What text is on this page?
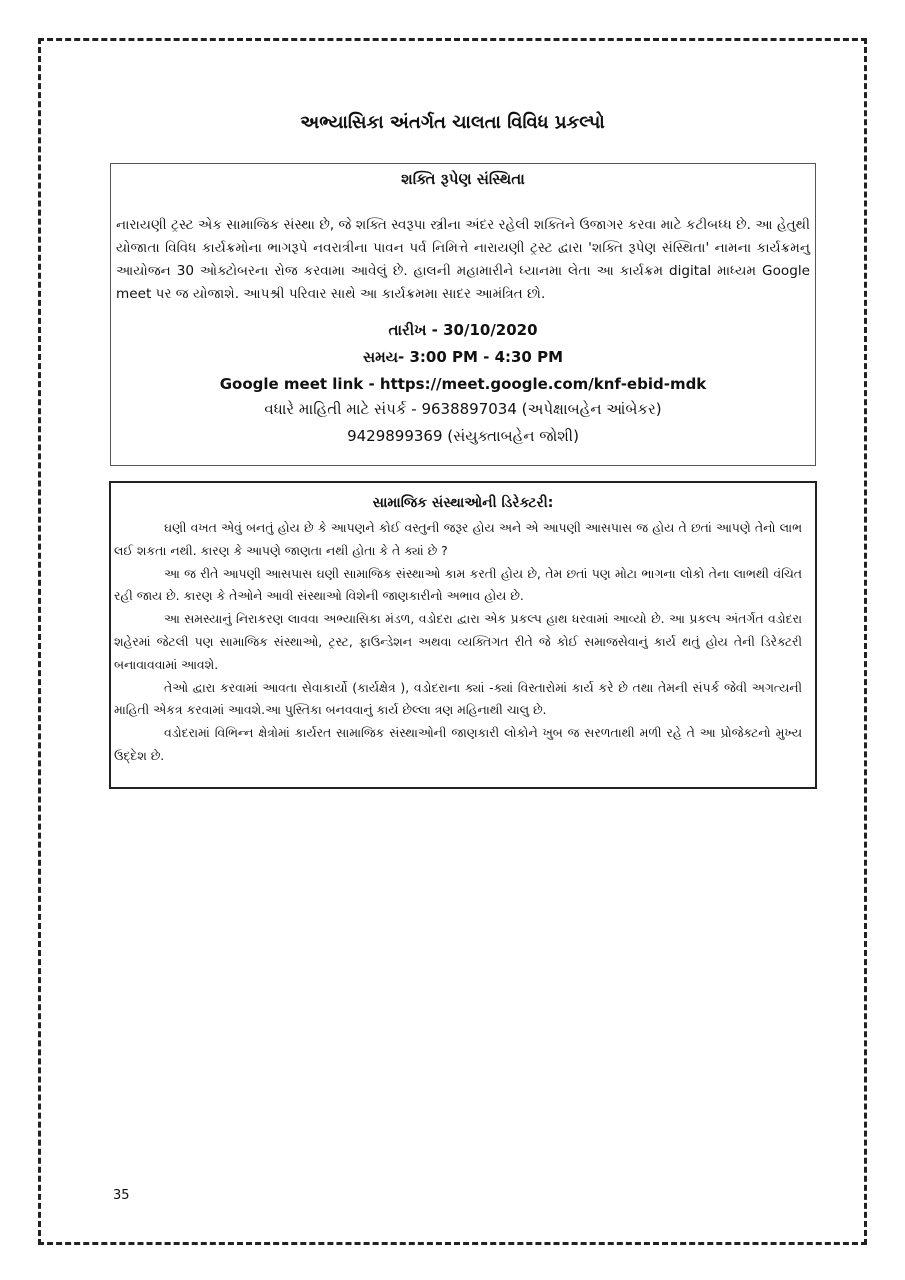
અભ્યાસિકા અંતર્ગત ચાલતા વિવિધ પ્રકલ્પો
શક્તિ રૂપેણ સંસ્થિતા
નારાયણી ટ્રસ્ટ એક સામાજિક સંસ્થા છે, જે શક્તિ સ્વરૂપા સ્ત્રીના અંદર રહેલી શક્તિને ઉજાગર કરવા માટે કટીબધ્ધ છે. આ હેતુથી યોજાતા વિવિધ કાર્યક્રમોના ભાગરૂપે નવરાત્રીના પાવન પર્વ નિમિત્તે નારાયણી ટ્રસ્ટ દ્વારા 'શક્તિ રૂપેણ સંસ્થિતા' નામના કાર્યક્રમનુ આયોજન 30 ઓક્ટોબરના રોજ કરવામા આવેલું છે. હાલની મહામારીને ધ્યાનમા લેતા આ કાર્યક્રમ digital માધ્યમ Google meet પર જ યોજાશે. આપશ્રી પરિવાર સાથે આ કાર્યક્રમમા સાદર આમંત્રિત છો.
તારીખ - 30/10/2020
સમય- 3:00 PM - 4:30 PM
Google meet link - https://meet.google.com/knf-ebid-mdk
વધારે માહિતી માટે સંપર્ક - 9638897034 (અપેક્ષાબહેન આંબેકર)
9429899369 (સંયુક્તાબહેન જોશી)
સામાજિક સંસ્થાઓની ડિરેક્ટરી:

ઘણી વખત એવું બનતું હોય છે કે આપણને કોઈ વસ્તુની જરૂર હોય અને એ આપણી આસપાસ જ હોય તે છતાં આપણે તેનો લાભ લઈ શકતા નથી. કારણ કે આપણે જાણતા નથી હોતા કે તે ક્યાં છે ?

આ જ રીતે આપણી આસપાસ ઘણી સામાજિક સંસ્થાઓ કામ કરતી હોય છે, તેમ છતાં પણ મોટા ભાગના લોકો તેના લાભથી વંચિત રહી જાય છે. કારણ કે તેઓને આવી સંસ્થાઓ વિશેની જાણકારીનો અભાવ હોય છે.

આ સમસ્યાનું નિરાકરણ લાવવા અભ્યાસિકા મંડળ, વડોદરા દ્વારા એક પ્રકલ્પ હાથ ધરવામાં આવ્યો છે. આ પ્રકલ્પ અંતર્ગત વડોદરા શહેરમાં જેટલી પણ સામાજિક સંસ્થાઓ, ટ્રસ્ટ, ફાઉન્ડેશન અથવા વ્યક્તિગત રીતે જે કોઈ સમાજસેવાનું કાર્ય થતું હોય તેની ડિરેક્ટરી બનાવાવવામાં આવશે.

તેઓ દ્વારા કરવામાં આવતા સેવાકાર્યો (કાર્યક્ષેત્ર ), વડોદરાના ક્યાં -ક્યાં વિસ્તારોમાં કાર્ય કરે છે તથા તેમની સંપર્ક જેવી અગત્યની માહિતી એકત્ર કરવામાં આવશે.આ પુસ્તિકા બનવવાનું કાર્ય છેલ્લા ત્રણ મહિનાથી ચાલુ છે.

વડોદરામાં વિભિન્ન ક્ષેત્રોમાં કાર્યરત સામાજિક સંસ્થાઓની જાણકારી લોકોને ખુબ જ સરળતાથી મળી રહે તે આ પ્રોજેક્ટનો મુખ્ય ઉદ્દેશ છે.

35
